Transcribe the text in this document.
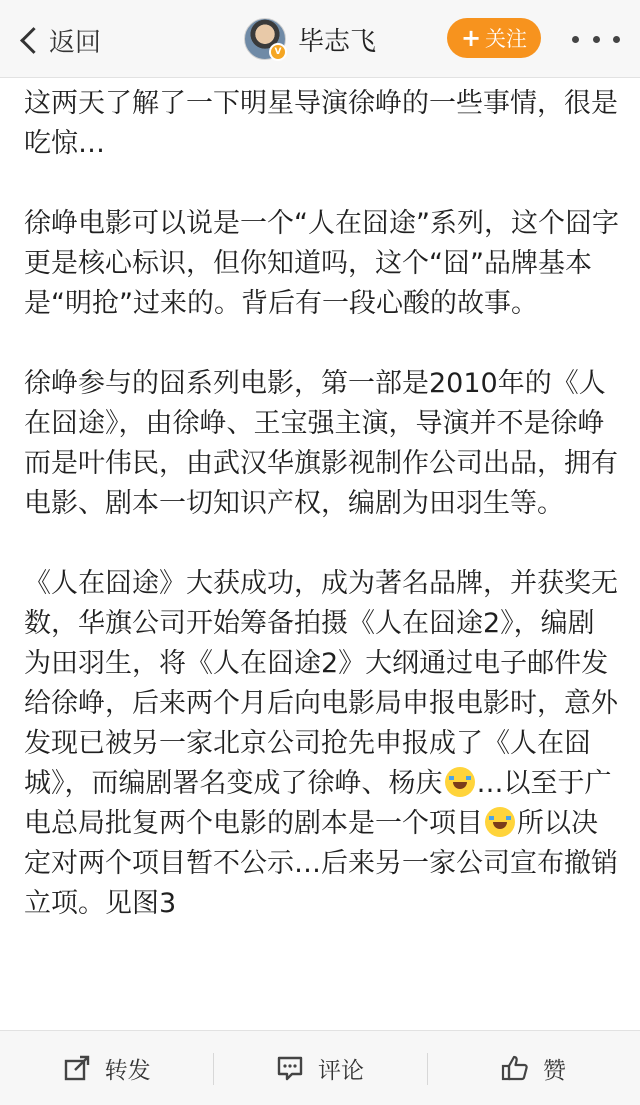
返回	V 毕志飞	+ 关注

这两天了解了一下明星导演徐峥的一些事情，很是吃惊…

徐峥电影可以说是一个“人在囧途”系列，这个囧字更是核心标识，但你知道吗，这个“囧”品牌基本是“明抢”过来的。背后有一段心酸的故事。

徐峥参与的囧系列电影，第一部是2010年的《人在囧途》，由徐峥、王宝强主演，导演并不是徐峥而是叶伟民，由武汉华旗影视制作公司出品，拥有电影、剧本一切知识产权，编剧为田羽生等。

《人在囧途》大获成功，成为著名品牌，并获奖无数，华旗公司开始筹备拍摄《人在囧途2》，编剧为田羽生，将《人在囧途2》大纲通过电子邮件发给徐峥，后来两个月后向电影局申报电影时，意外发现已被另一家北京公司抢先申报成了《人在囧城》，而编剧署名变成了徐峥、杨庆 …以至于广电总局批复两个电影的剧本是一个项目 所以决定对两个项目暂不公示…后来另一家公司宣布撤销立项。见图3

转发	评论	赞
